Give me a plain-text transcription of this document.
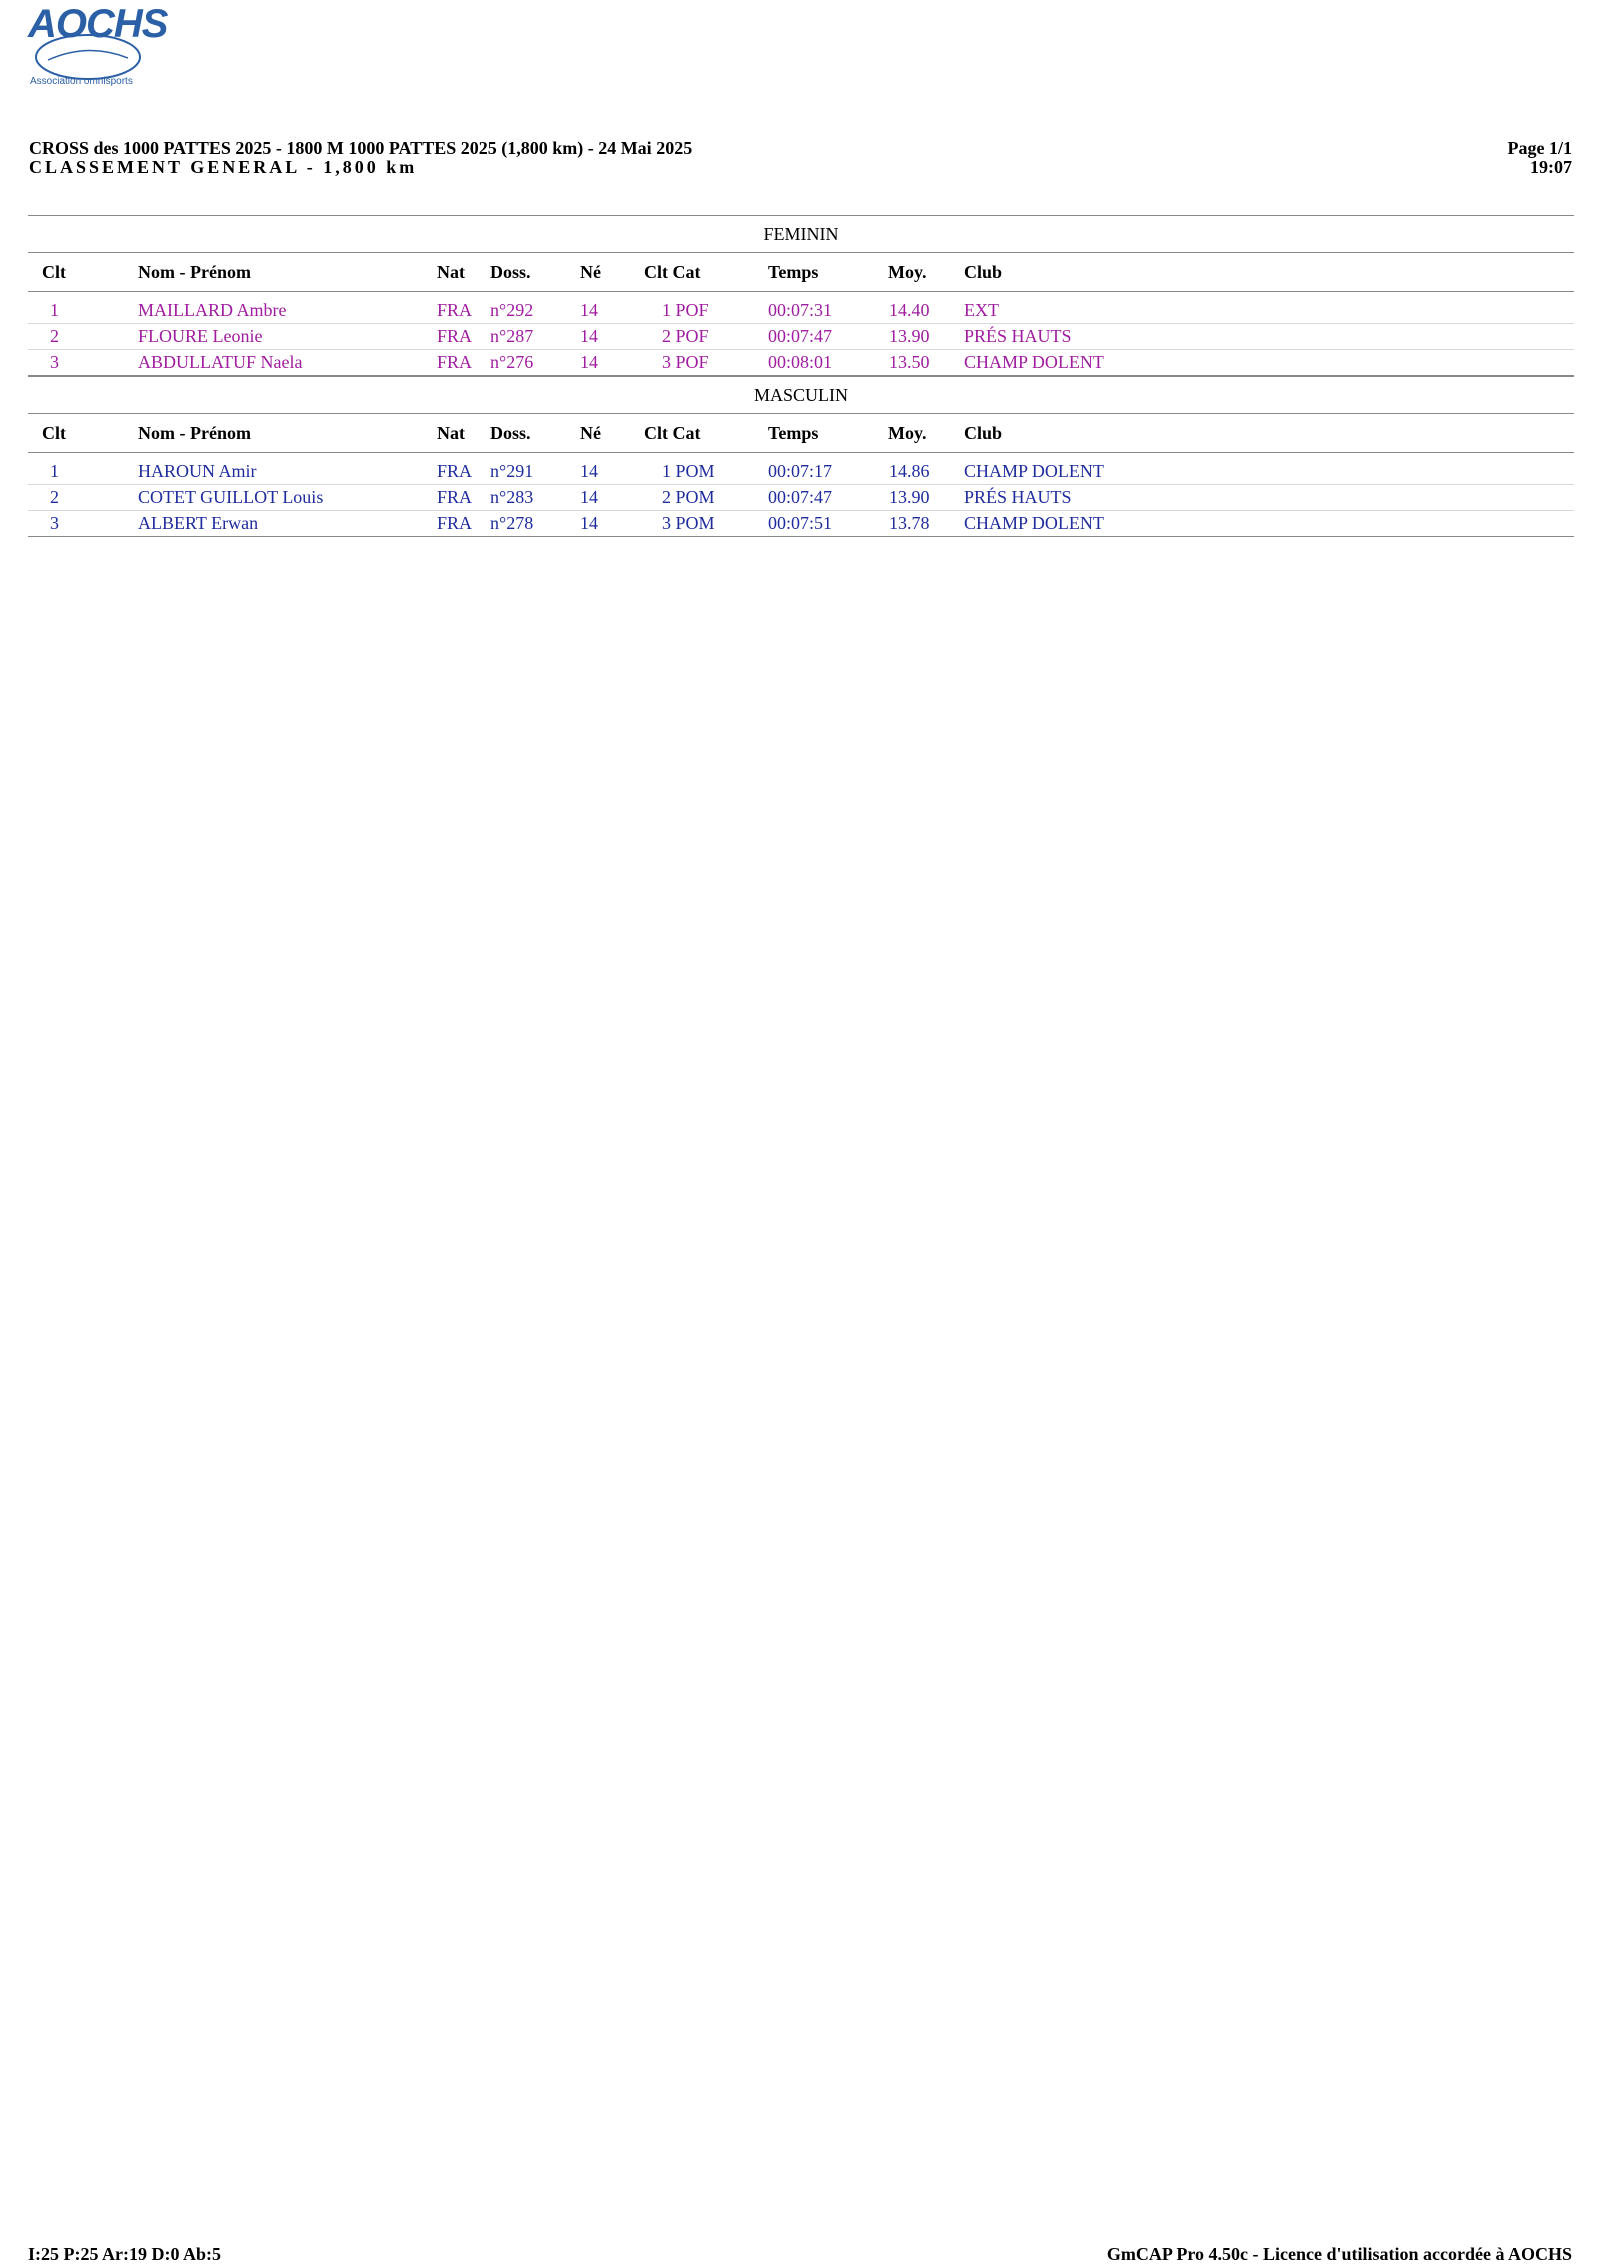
AOCHS
Association omnisports
CROSS des 1000 PATTES 2025 - 1800 M 1000 PATTES 2025 (1,800 km) - 24 Mai 2025
CLASSEMENT GENERAL - 1,800 km
Page 1/1
19:07
FEMININ
Clt	Nom - Prénom	Nat Doss.	Né Clt Cat	Temps	Moy. Club
1	MAILLARD Ambre	FRA n°292	14	1 POF	00:07:31	14.40 EXT
2	FLOURE Leonie	FRA n°287	14	2 POF	00:07:47	13.90 PRÉS HAUTS
3	ABDULLATUF Naela	FRA n°276	14	3 POF	00:08:01	13.50 CHAMP DOLENT
MASCULIN
Clt	Nom - Prénom	Nat Doss.	Né Clt Cat	Temps	Moy. Club
1	HAROUN Amir	FRA n°291	14	1 POM	00:07:17	14.86 CHAMP DOLENT
2	COTET GUILLOT Louis	FRA n°283	14	2 POM	00:07:47	13.90 PRÉS HAUTS
3	ALBERT Erwan	FRA n°278	14	3 POM	00:07:51	13.78 CHAMP DOLENT
I:25 P:25 Ar:19 D:0 Ab:5	GmCAP Pro 4.50c - Licence d'utilisation accordée à AOCHS
